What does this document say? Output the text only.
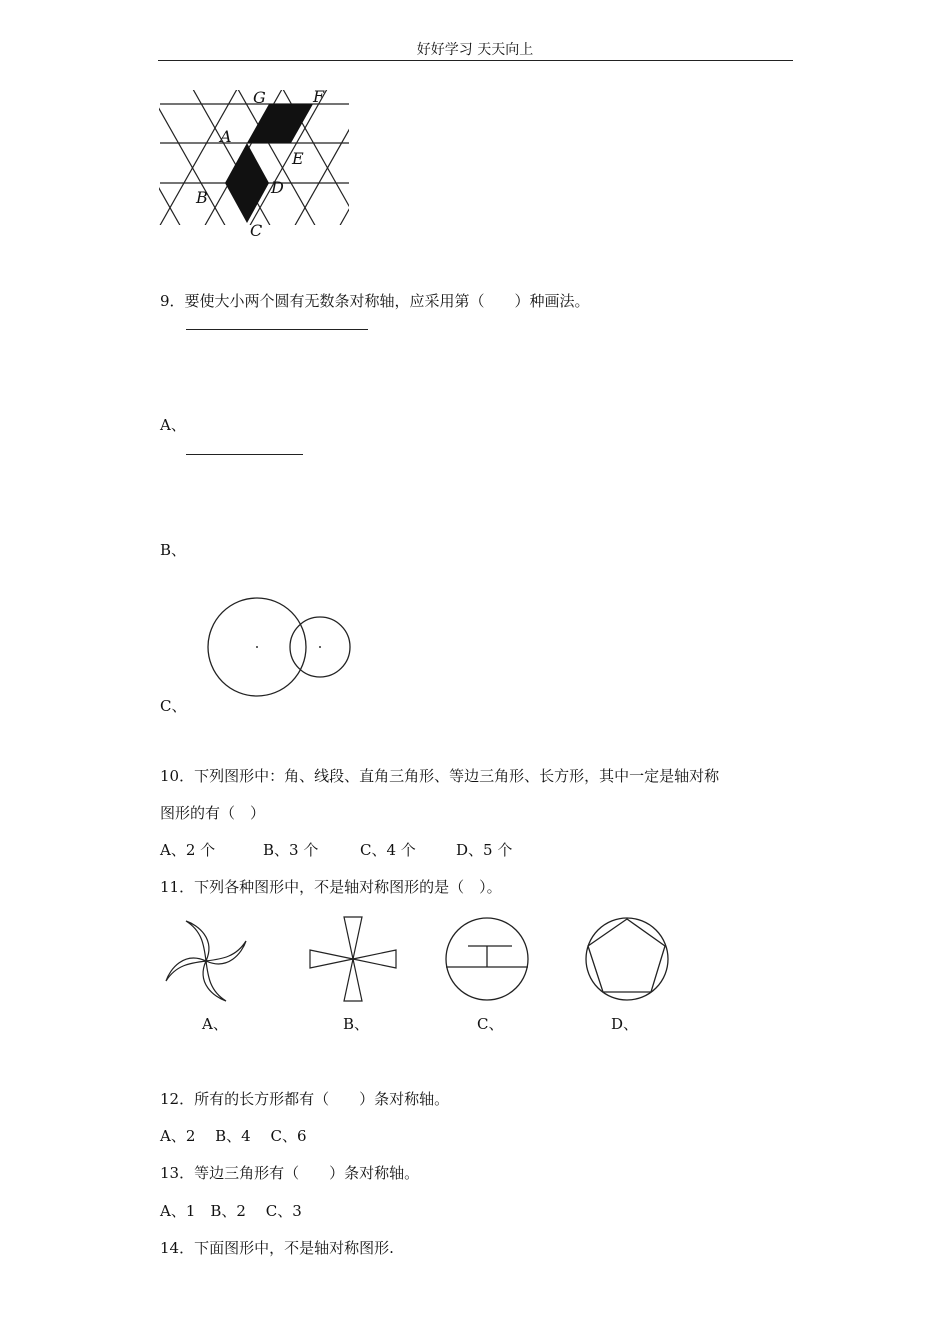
好好学习 天天向上
G	F
A
E
B
D
C
9．要使大小两个圆有无数条对称轴，应采用第（　　）种画法。
A、
B、
C、
10．下列图形中：角、线段、直角三角形、等边三角形、长方形，其中一定是轴对称
图形的有（　）
A、2 个	B、3 个	C、4 个	D、5 个
11．下列各种图形中，不是轴对称图形的是（　）。
A、	B、	C、	D、
12．所有的长方形都有（　　）条对称轴。
A、2　 B、4　 C、6
13．等边三角形有（　　）条对称轴。
A、1　B、2　 C、3
14．下面图形中，不是轴对称图形.
